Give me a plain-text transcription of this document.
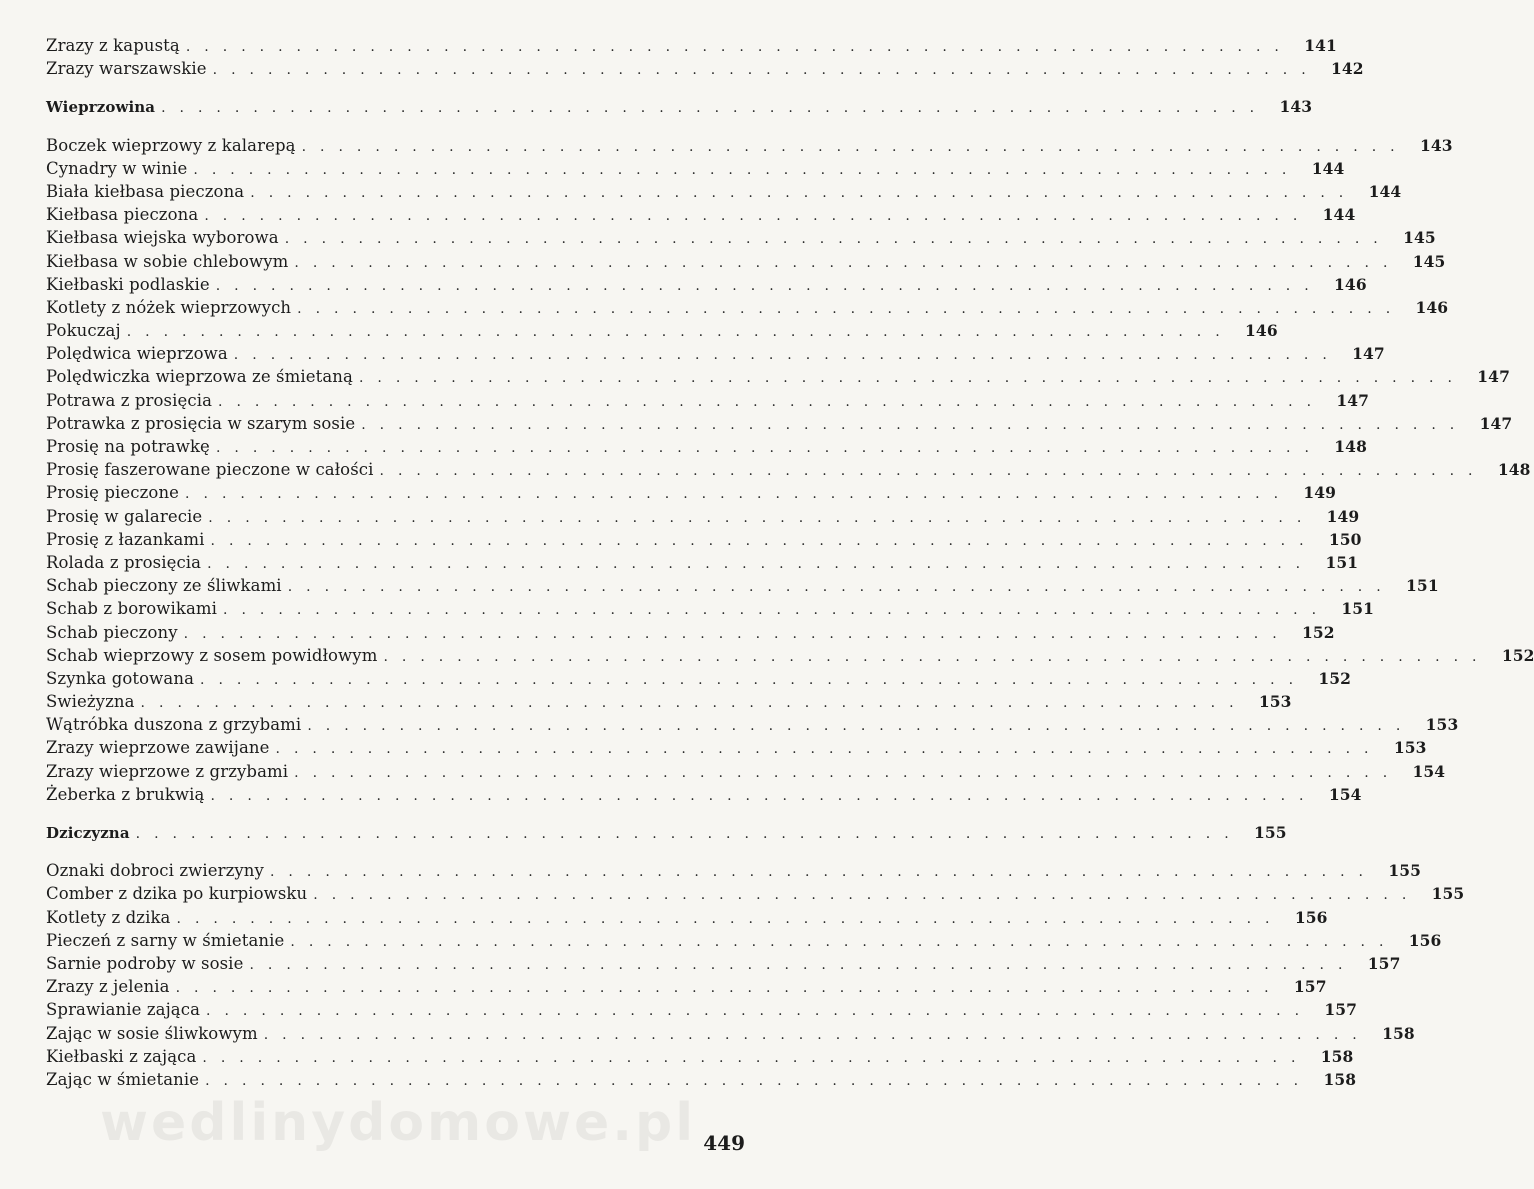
Zrazy z kapustą ............................................................ 141
Zrazy warszawskie ............................................................ 142
Wieprzowina ............................................................ 143
Boczek wieprzowy z kalarepą ............................................................ 143
Cynadry w winie ............................................................ 144
Biała kiełbasa pieczona ............................................................ 144
Kiełbasa pieczona ............................................................ 144
Kiełbasa wiejska wyborowa ............................................................ 145
Kiełbasa w sobie chlebowym ............................................................ 145
Kiełbaski podlaskie ............................................................ 146
Kotlety z nóżek wieprzowych ............................................................ 146
Pokuczaj ............................................................ 146
Polędwica wieprzowa ............................................................ 147
Polędwiczka wieprzowa ze śmietaną ............................................................ 147
Potrawa z prosięcia ............................................................ 147
Potrawka z prosięcia w szarym sosie ............................................................ 147
Prosię na potrawkę ............................................................ 148
Prosię faszerowane pieczone w całości ............................................................ 148
Prosię pieczone ............................................................ 149
Prosię w galarecie ............................................................ 149
Prosię z łazankami ............................................................ 150
Rolada z prosięcia ............................................................ 151
Schab pieczony ze śliwkami ............................................................ 151
Schab z borowikami ............................................................ 151
Schab pieczony ............................................................ 152
Schab wieprzowy z sosem powidłowym ............................................................ 152
Szynka gotowana ............................................................ 152
Swieżyzna ............................................................ 153
Wątróbka duszona z grzybami ............................................................ 153
Zrazy wieprzowe zawijane ............................................................ 153
Zrazy wieprzowe z grzybami ............................................................ 154
Żeberka z brukwią ............................................................ 154
Dziczyzna ............................................................ 155
Oznaki dobroci zwierzyny ............................................................ 155
Comber z dzika po kurpiowsku ............................................................ 155
Kotlety z dzika ............................................................ 156
Pieczeń z sarny w śmietanie ............................................................ 156
Sarnie podroby w sosie ............................................................ 157
Zrazy z jelenia ............................................................ 157
Sprawianie zająca ............................................................ 157
Zając w sosie śliwkowym ............................................................ 158
Kiełbaski z zająca ............................................................ 158
Zając w śmietanie ............................................................ 158
wedlinydomowe.pl 449
